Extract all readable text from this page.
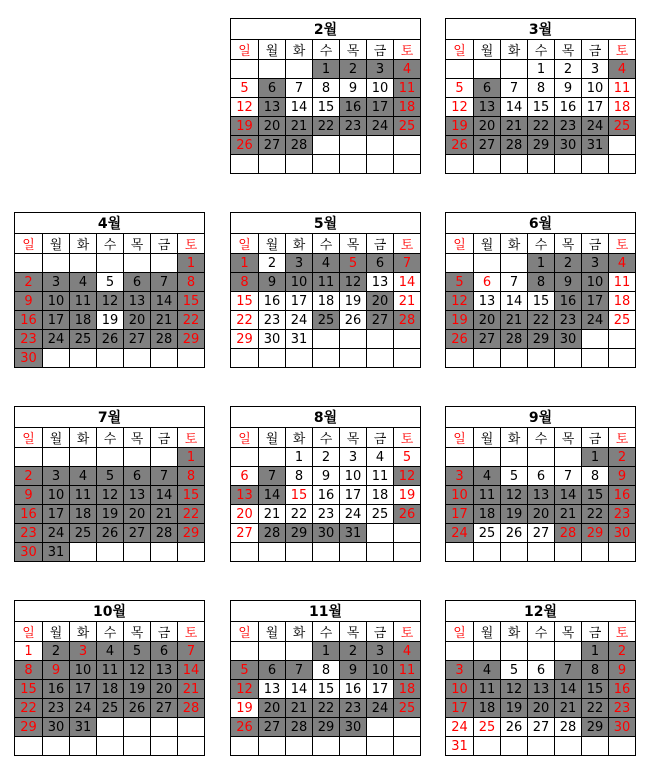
2월						
일	월	화	수	목	금	토
			1	2	3	4
5	6	7	8	9	10	11
12	13	14	15	16	17	18
19	20	21	22	23	24	25
26	27	28				

3월						
일	월	화	수	목	금	토
			1	2	3	4
5	6	7	8	9	10	11
12	13	14	15	16	17	18
19	20	21	22	23	24	25
26	27	28	29	30	31	

4월						
일	월	화	수	목	금	토
						1
2	3	4	5	6	7	8
9	10	11	12	13	14	15
16	17	18	19	20	21	22
23	24	25	26	27	28	29
30						
5월						
일	월	화	수	목	금	토
1	2	3	4	5	6	7
8	9	10	11	12	13	14
15	16	17	18	19	20	21
22	23	24	25	26	27	28
29	30	31				

6월						
일	월	화	수	목	금	토
			1	2	3	4
5	6	7	8	9	10	11
12	13	14	15	16	17	18
19	20	21	22	23	24	25
26	27	28	29	30		

7월						
일	월	화	수	목	금	토
						1
2	3	4	5	6	7	8
9	10	11	12	13	14	15
16	17	18	19	20	21	22
23	24	25	26	27	28	29
30	31					
8월						
일	월	화	수	목	금	토
		1	2	3	4	5
6	7	8	9	10	11	12
13	14	15	16	17	18	19
20	21	22	23	24	25	26
27	28	29	30	31		

9월						
일	월	화	수	목	금	토
					1	2
3	4	5	6	7	8	9
10	11	12	13	14	15	16
17	18	19	20	21	22	23
24	25	26	27	28	29	30

10월						
일	월	화	수	목	금	토
1	2	3	4	5	6	7
8	9	10	11	12	13	14
15	16	17	18	19	20	21
22	23	24	25	26	27	28
29	30	31				

11월						
일	월	화	수	목	금	토
			1	2	3	4
5	6	7	8	9	10	11
12	13	14	15	16	17	18
19	20	21	22	23	24	25
26	27	28	29	30		

12월						
일	월	화	수	목	금	토
					1	2
3	4	5	6	7	8	9
10	11	12	13	14	15	16
17	18	19	20	21	22	23
24	25	26	27	28	29	30
31						
